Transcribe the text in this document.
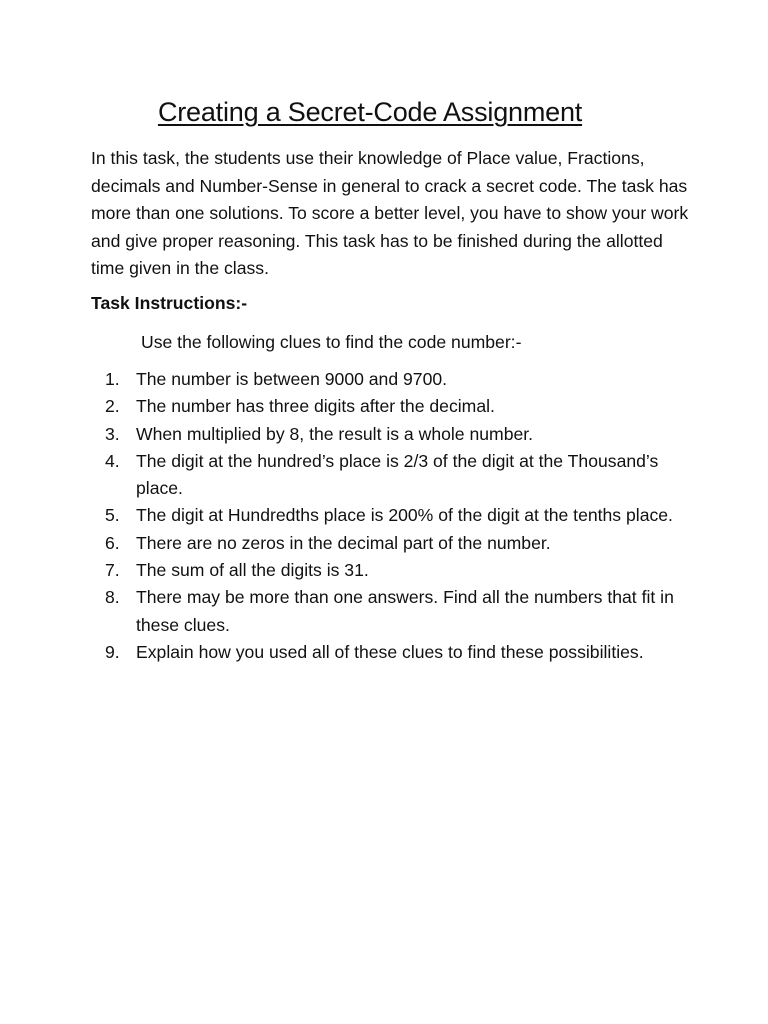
Creating a Secret-Code Assignment

In this task, the students use their knowledge of Place value, Fractions, decimals and Number-Sense in general to crack a secret code. The task has more than one solutions. To score a better level, you have to show your work and give proper reasoning. This task has to be finished during the allotted time given in the class.

Task Instructions:-

Use the following clues to find the code number:-

1. The number is between 9000 and 9700.
2. The number has three digits after the decimal.
3. When multiplied by 8, the result is a whole number.
4. The digit at the hundred’s place is 2/3 of the digit at the Thousand’s place.
5. The digit at Hundredths place is 200% of the digit at the tenths place.
6. There are no zeros in the decimal part of the number.
7. The sum of all the digits is 31.
8. There may be more than one answers. Find all the numbers that fit in these clues.
9. Explain how you used all of these clues to find these possibilities.
